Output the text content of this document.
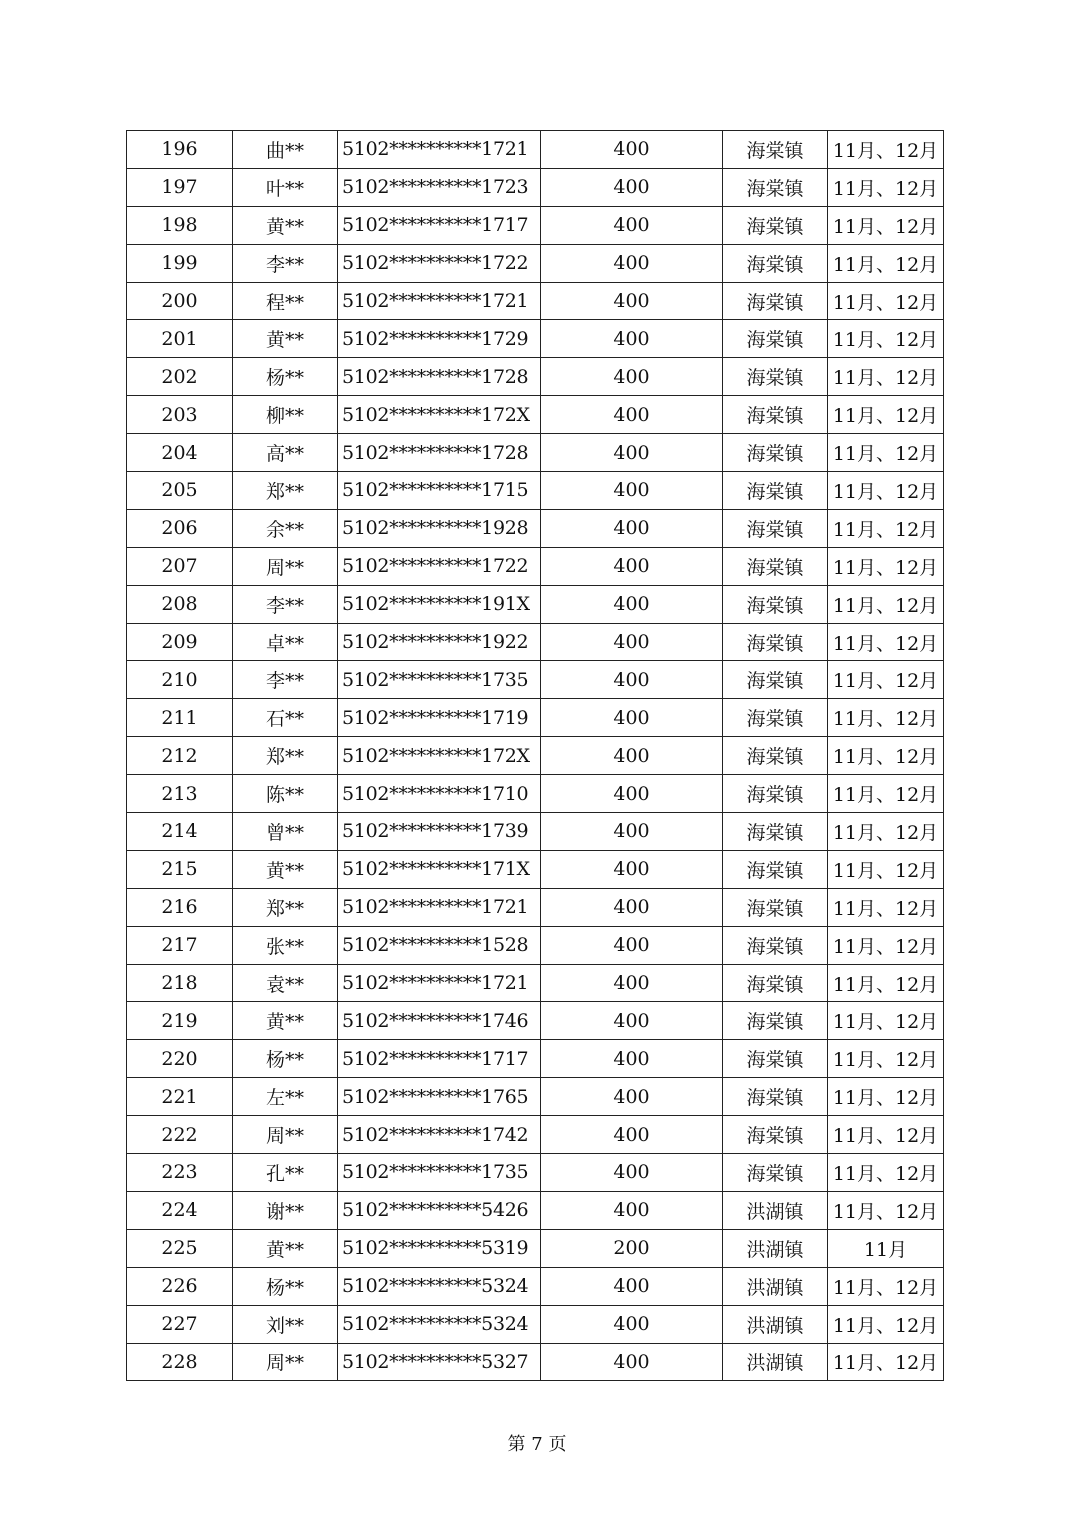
196	曲**	5102**********1721	400	海棠镇	11月、12月
197	叶**	5102**********1723	400	海棠镇	11月、12月
198	黄**	5102**********1717	400	海棠镇	11月、12月
199	李**	5102**********1722	400	海棠镇	11月、12月
200	程**	5102**********1721	400	海棠镇	11月、12月
201	黄**	5102**********1729	400	海棠镇	11月、12月
202	杨**	5102**********1728	400	海棠镇	11月、12月
203	柳**	5102**********172X	400	海棠镇	11月、12月
204	高**	5102**********1728	400	海棠镇	11月、12月
205	郑**	5102**********1715	400	海棠镇	11月、12月
206	余**	5102**********1928	400	海棠镇	11月、12月
207	周**	5102**********1722	400	海棠镇	11月、12月
208	李**	5102**********191X	400	海棠镇	11月、12月
209	卓**	5102**********1922	400	海棠镇	11月、12月
210	李**	5102**********1735	400	海棠镇	11月、12月
211	石**	5102**********1719	400	海棠镇	11月、12月
212	郑**	5102**********172X	400	海棠镇	11月、12月
213	陈**	5102**********1710	400	海棠镇	11月、12月
214	曾**	5102**********1739	400	海棠镇	11月、12月
215	黄**	5102**********171X	400	海棠镇	11月、12月
216	郑**	5102**********1721	400	海棠镇	11月、12月
217	张**	5102**********1528	400	海棠镇	11月、12月
218	袁**	5102**********1721	400	海棠镇	11月、12月
219	黄**	5102**********1746	400	海棠镇	11月、12月
220	杨**	5102**********1717	400	海棠镇	11月、12月
221	左**	5102**********1765	400	海棠镇	11月、12月
222	周**	5102**********1742	400	海棠镇	11月、12月
223	孔**	5102**********1735	400	海棠镇	11月、12月
224	谢**	5102**********5426	400	洪湖镇	11月、12月
225	黄**	5102**********5319	200	洪湖镇	11月
226	杨**	5102**********5324	400	洪湖镇	11月、12月
227	刘**	5102**********5324	400	洪湖镇	11月、12月
228	周**	5102**********5327	400	洪湖镇	11月、12月
第 7 页
